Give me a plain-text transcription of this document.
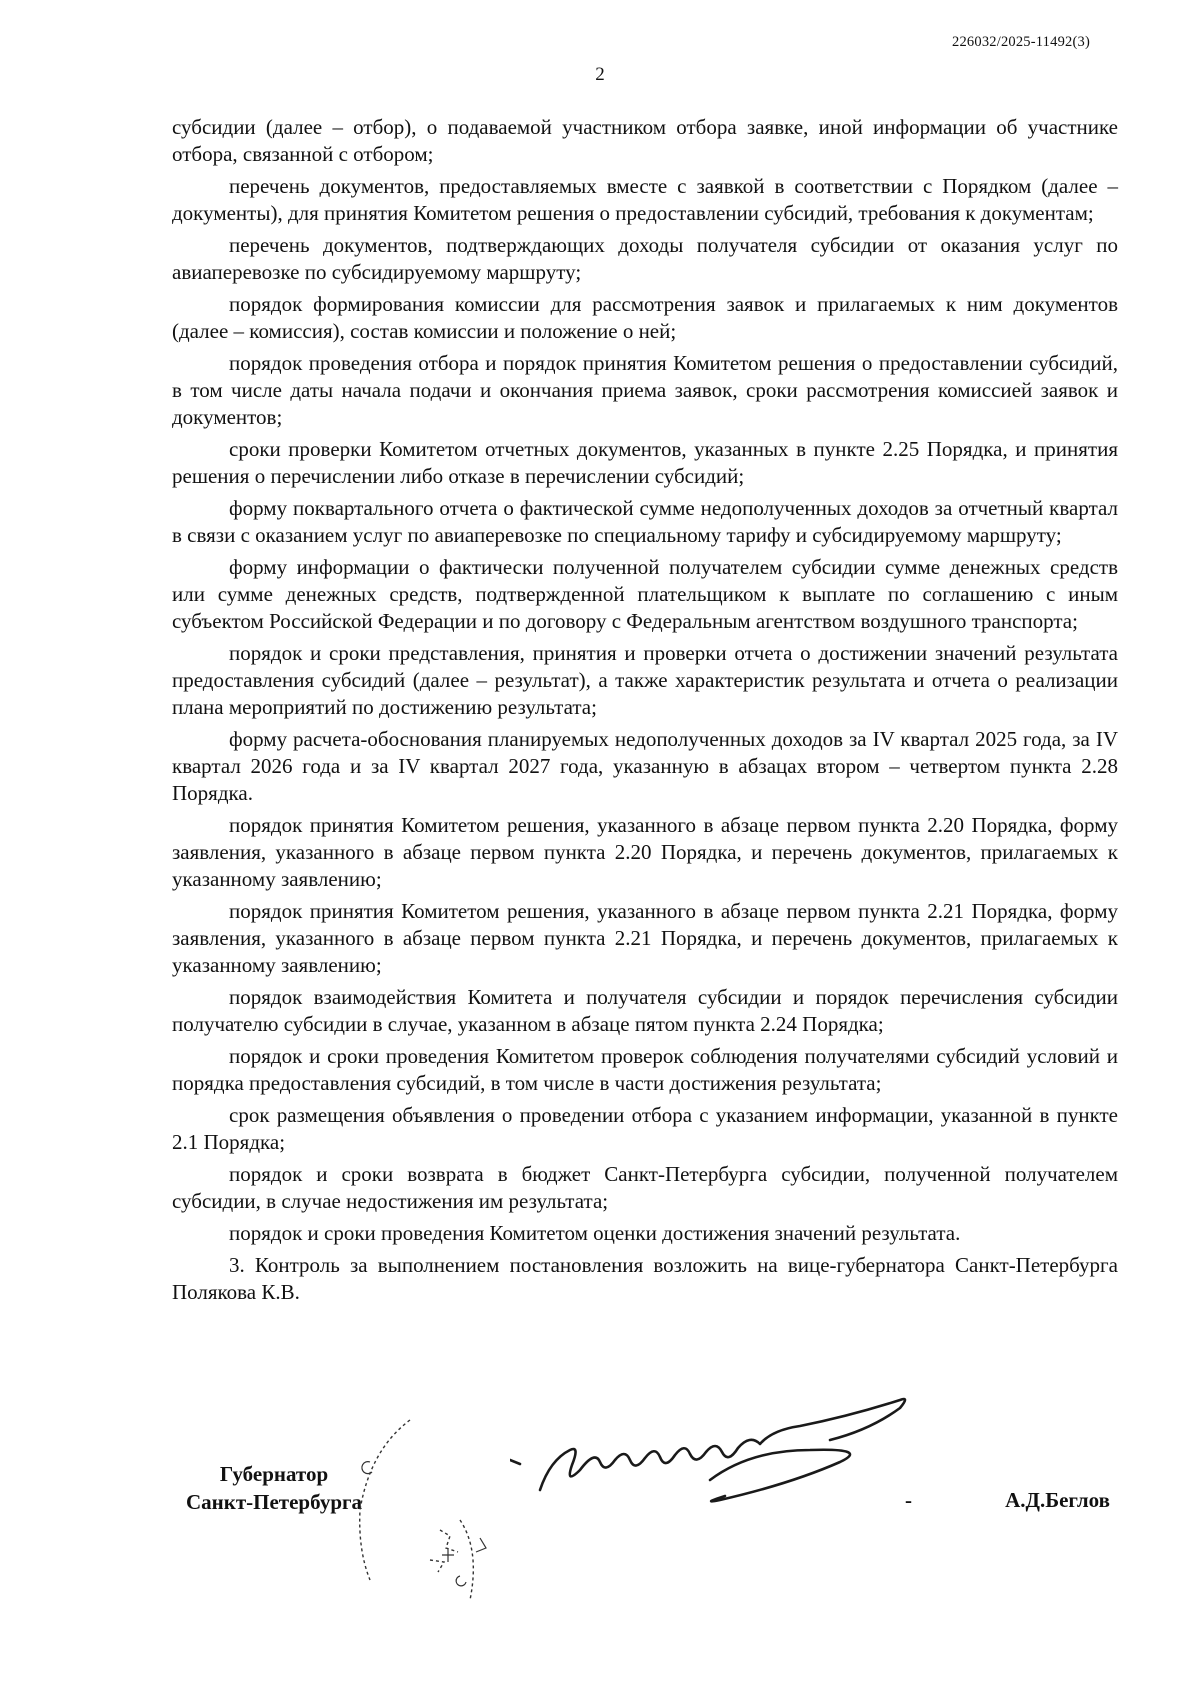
226032/2025-11492(3)
2

субсидии (далее – отбор), о подаваемой участником отбора заявке, иной информации об участнике отбора, связанной с отбором;

перечень документов, предоставляемых вместе с заявкой в соответствии с Порядком (далее – документы), для принятия Комитетом решения о предоставлении субсидий, требования к документам;

перечень документов, подтверждающих доходы получателя субсидии от оказания услуг по авиаперевозке по субсидируемому маршруту;

порядок формирования комиссии для рассмотрения заявок и прилагаемых к ним документов (далее – комиссия), состав комиссии и положение о ней;

порядок проведения отбора и порядок принятия Комитетом решения о предоставлении субсидий, в том числе даты начала подачи и окончания приема заявок, сроки рассмотрения комиссией заявок и документов;

сроки проверки Комитетом отчетных документов, указанных в пункте 2.25 Порядка, и принятия решения о перечислении либо отказе в перечислении субсидий;

форму поквартального отчета о фактической сумме недополученных доходов за отчетный квартал в связи с оказанием услуг по авиаперевозке по специальному тарифу и субсидируемому маршруту;

форму информации о фактически полученной получателем субсидии сумме денежных средств или сумме денежных средств, подтвержденной плательщиком к выплате по соглашению с иным субъектом Российской Федерации и по договору с Федеральным агентством воздушного транспорта;

порядок и сроки представления, принятия и проверки отчета о достижении значений результата предоставления субсидий (далее – результат), а также характеристик результата и отчета о реализации плана мероприятий по достижению результата;

форму расчета-обоснования планируемых недополученных доходов за IV квартал 2025 года, за IV квартал 2026 года и за IV квартал 2027 года, указанную в абзацах втором – четвертом пункта 2.28 Порядка.

порядок принятия Комитетом решения, указанного в абзаце первом пункта 2.20 Порядка, форму заявления, указанного в абзаце первом пункта 2.20 Порядка, и перечень документов, прилагаемых к указанному заявлению;

порядок принятия Комитетом решения, указанного в абзаце первом пункта 2.21 Порядка, форму заявления, указанного в абзаце первом пункта 2.21 Порядка, и перечень документов, прилагаемых к указанному заявлению;

порядок взаимодействия Комитета и получателя субсидии и порядок перечисления субсидии получателю субсидии в случае, указанном в абзаце пятом пункта 2.24 Порядка;

порядок и сроки проведения Комитетом проверок соблюдения получателями субсидий условий и порядка предоставления субсидий, в том числе в части достижения результата;

срок размещения объявления о проведении отбора с указанием информации, указанной в пункте 2.1 Порядка;

порядок и сроки возврата в бюджет Санкт-Петербурга субсидии, полученной получателем субсидии, в случае недостижения им результата;

порядок и сроки проведения Комитетом оценки достижения значений результата.

3. Контроль за выполнением постановления возложить на вице-губернатора Санкт-Петербурга Полякова К.В.

Губернатор
Санкт-Петербурга	-	А.Д.Беглов
